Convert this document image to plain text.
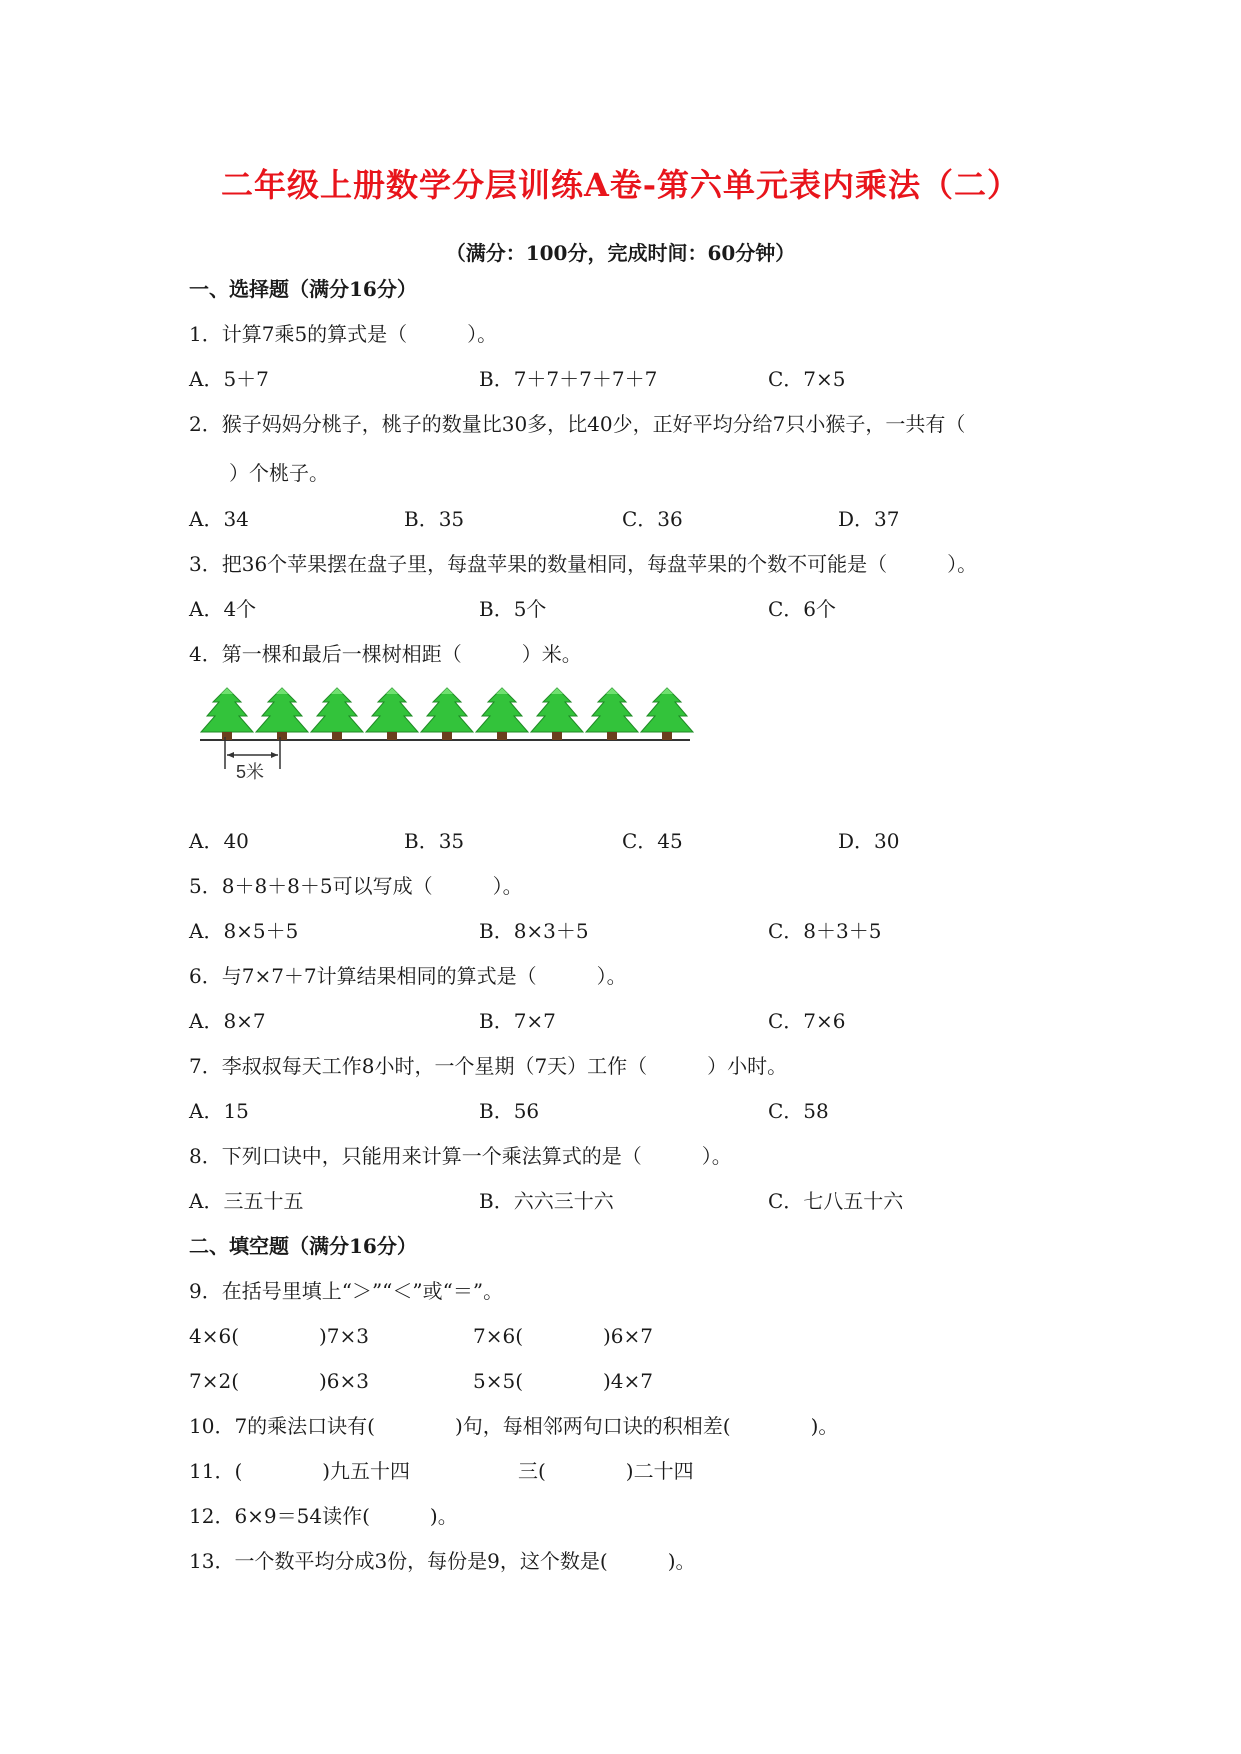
二年级上册数学分层训练A卷-第六单元表内乘法（二）
（满分：100分，完成时间：60分钟）
一、选择题（满分16分）
1．计算7乘5的算式是（　　　）。
A．5＋7	B．7＋7＋7＋7＋7	C．7×5
2．猴子妈妈分桃子，桃子的数量比30多，比40少，正好平均分给7只小猴子，一共有（
　　）个桃子。
A．34	B．35	C．36	D．37
3．把36个苹果摆在盘子里，每盘苹果的数量相同，每盘苹果的个数不可能是（　　　）。
A．4个	B．5个	C．6个
4．第一棵和最后一棵树相距（　　　）米。
5米
A．40	B．35	C．45	D．30
5．8＋8＋8＋5可以写成（　　　）。
A．8×5＋5	B．8×3＋5	C．8＋3＋5
6．与7×7＋7计算结果相同的算式是（　　　）。
A．8×7	B．7×7	C．7×6
7．李叔叔每天工作8小时，一个星期（7天）工作（　　　）小时。
A．15	B．56	C．58
8．下列口诀中，只能用来计算一个乘法算式的是（　　　）。
A．三五十五	B．六六三十六	C．七八五十六
二、填空题（满分16分）
9．在括号里填上“＞”“＜”或“＝”。
4×6(　　　　)7×3	7×6(　　　　)6×7
7×2(　　　　)6×3	5×5(　　　　)4×7
10．7的乘法口诀有(　　　　)句，每相邻两句口诀的积相差(　　　　)。
11．(　　　　)九五十四	三(　　　　)二十四
12．6×9＝54读作(　　　)。
13．一个数平均分成3份，每份是9，这个数是(　　　)。
